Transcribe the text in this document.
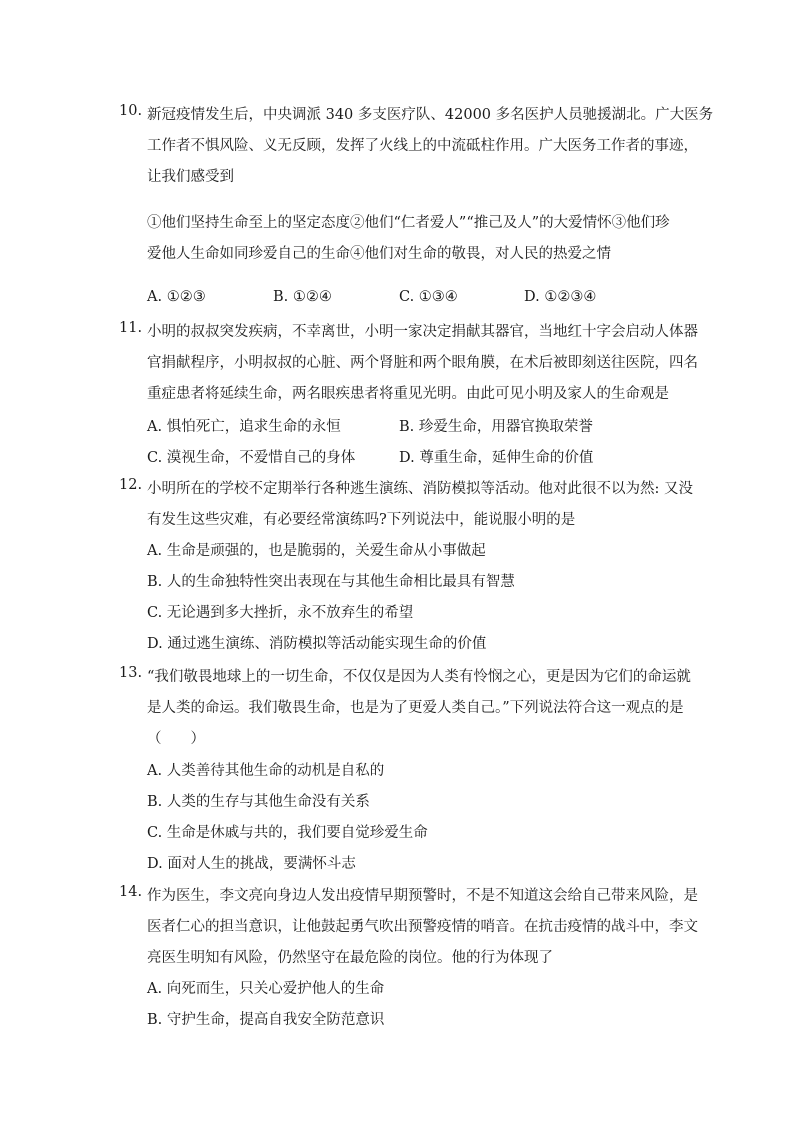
10. 新冠疫情发生后，中央调派 340 多支医疗队、42000 多名医护人员驰援湖北。广大医务
工作者不惧风险、义无反顾，发挥了火线上的中流砥柱作用。广大医务工作者的事迹，
让我们感受到
①他们坚持生命至上的坚定态度②他们“仁者爱人”“推己及人”的大爱情怀③他们珍
爱他人生命如同珍爱自己的生命④他们对生命的敬畏，对人民的热爱之情
A. ①②③	B. ①②④	C. ①③④	D. ①②③④
11. 小明的叔叔突发疾病，不幸离世，小明一家决定捐献其器官，当地红十字会启动人体器
官捐献程序，小明叔叔的心脏、两个肾脏和两个眼角膜，在术后被即刻送往医院，四名
重症患者将延续生命，两名眼疾患者将重见光明。由此可见小明及家人的生命观是
A. 惧怕死亡，追求生命的永恒	B. 珍爱生命，用器官换取荣誉
C. 漠视生命，不爱惜自己的身体	D. 尊重生命，延伸生命的价值
12. 小明所在的学校不定期举行各种逃生演练、消防模拟等活动。他对此很不以为然: 又没
有发生这些灾难，有必要经常演练吗?下列说法中，能说服小明的是
A. 生命是顽强的，也是脆弱的，关爱生命从小事做起
B. 人的生命独特性突出表现在与其他生命相比最具有智慧
C. 无论遇到多大挫折，永不放弃生的希望
D. 通过逃生演练、消防模拟等活动能实现生命的价值
13. “我们敬畏地球上的一切生命，不仅仅是因为人类有怜悯之心，更是因为它们的命运就
是人类的命运。我们敬畏生命，也是为了更爱人类自己。”下列说法符合这一观点的是
（　　）
A. 人类善待其他生命的动机是自私的
B. 人类的生存与其他生命没有关系
C. 生命是休戚与共的，我们要自觉珍爱生命
D. 面对人生的挑战，要满怀斗志
14. 作为医生，李文亮向身边人发出疫情早期预警时，不是不知道这会给自己带来风险，是
医者仁心的担当意识，让他鼓起勇气吹出预警疫情的哨音。在抗击疫情的战斗中，李文
亮医生明知有风险，仍然坚守在最危险的岗位。他的行为体现了
A. 向死而生，只关心爱护他人的生命
B. 守护生命，提高自我安全防范意识
